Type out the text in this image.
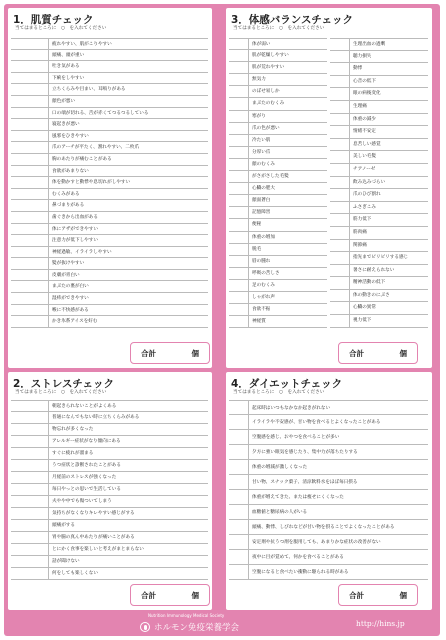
1．肌質チェック
当てはまるところに　○　を入れてください
疲れやすい、肌がこりやすい
頭痛、頭が重い
吐き気がある
下痢をしやすい
立ちくらみや目まい、耳鳴りがある
顔色が悪い
口の端が切れる、舌が赤くてつるつるしている
寝起きが悪い
風邪をひきやすい
爪のアーチが平たく、割れやすい、二枚爪
胸のあたりが痛むことがある
食欲があまりない
体を動かすと動悸や息切れがしやすい
むくみがある
鼻づまりがある
歯ぐきから出血がある
体にアザができやすい
注意力が低下しやすい
神経過敏、イライラしやすい
髪が抜けやすい
皮膚が青白い
まぶたの裏が白い
湿疹ができやすい
喉に不快感がある
かき氷系アイスを好む
合計	個
3．体感バランスチェック
当てはまるところに　○　を入れてください
体が弱い
肌が乾燥しやすい
肌が荒れやすい
無気力
のぼせ易しか
まぶたのむくみ
寒がり
爪の色が悪い
冷たい肌
分厚い爪
顔のむくみ
がさがさした毛髪
心臓の肥大
顔面蒼白
記憶障害
便秘
体重の増加
脱毛
唇の腫れ
呼吸の苦しさ
足のむくみ
しゃがれ声
食欲不振
神経質
生理出血の過剰
聴力損失
動悸
心音の低下
眼の病後変化
生理痛
体重の減少
情緒不安定
息苦しい感覚
美しい毛髪
チアノーゼ
飲み込みづらい
爪のひび割れ
ふさぎこみ
筋力低下
筋肉痛
関節痛
指先までピリピリする感じ
暑さに耐えられない
精神活動の低下
体の動きのにぶさ
心臓の異常
視力低下
合計	個
2．ストレスチェック
当てはまるところに　○　を入れてください
朝起きられないことがよくある
普通になんでもない時に立ちくらみがある
物忘れが多くなった
アレルギー症状がなり傾向にある
すぐに疲れが溜まる
うつ症状と診断されたことがある
月経前のストレスが強くなった
毎日やっとの思いで生活している
夫やや中でも傷ついてしまう
気持ちがなくなりキレやすい感じがする
頭痛がする
胃や腸の真ん中あたりが痛いことがある
とにかく食事を楽しいと考えがまとまらない
話が聞けない
何をしても楽しくない
合計	個
4．ダイエットチェック
当てはまるところに　○　を入れてください
起床時はいつもなかなか起きがれない
イライラや不安感が、甘い物を食べるとよくなったことがある
空腹感を感じ、おやつを食べることが多い
夕方に強い眠気を感じたり、集中力が落ちたりする
体重の増減が激しくなった
甘い物、スナック菓子、清涼飲料水をほぼ毎日摂る
体重が増えてきた、または痩せにくくなった
血糖値と糖尿病の人がいる
頭痛、動悸、しびれなどが甘い物を摂ることでよくなったことがある
安定剤や抗うつ剤を服用しても、あまりかな症状の改善がない
夜中に目が覚めて、何かを食べることがある
空腹になると食べたい衝動に駆られる時がある
合計	個
Nutrition Immunology Medical Society
ホルモン免疫栄養学会	http://hins.jp
